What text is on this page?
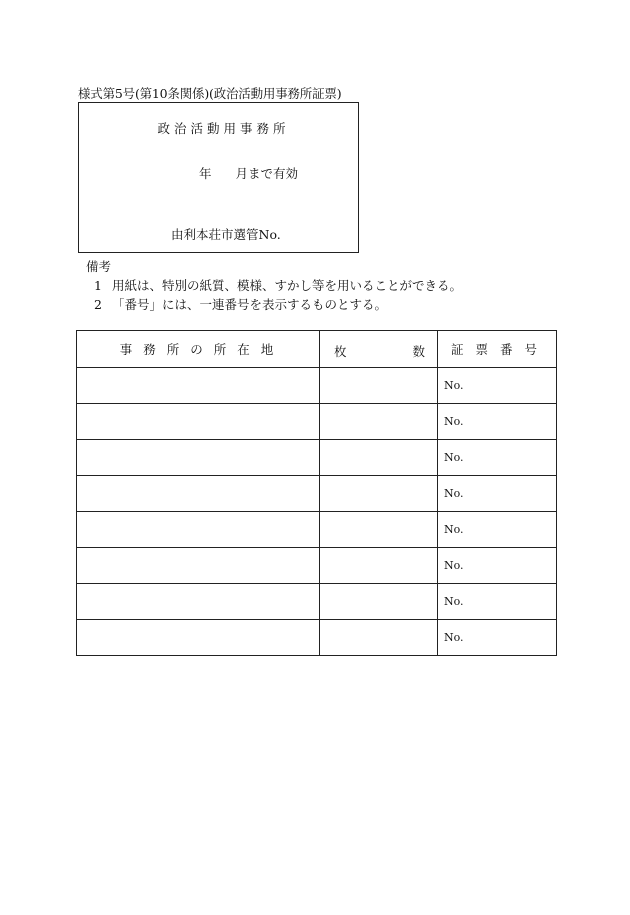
様式第5号(第10条関係)(政治活動用事務所証票)
政治活動用事務所
年 月まで有効
由利本荘市選管No.
備考
1 用紙は、特別の紙質、模様、すかし等を用いることができる。
2 「番号」には、一連番号を表示するものとする。
事務所の所在地	枚 数	証票番号
		No.
		No.
		No.
		No.
		No.
		No.
		No.
		No.
